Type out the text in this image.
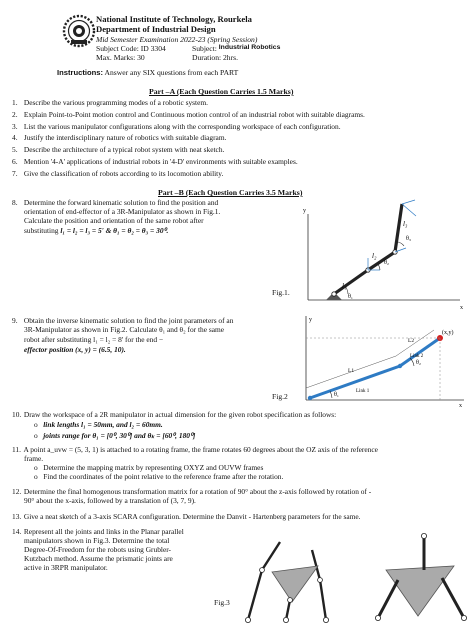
National Institute of Technology, Rourkela
Department of Industrial Design
Mid Semester Examination 2022-23 (Spring Session)
Subject Code: ID 3304	Subject:
Industrial Robotics
Max. Marks: 30	Duration: 2hrs.
Instructions: Answer any SIX questions from each PART
Part –A (Each Question Carries 1.5 Marks)
1. Describe the various programming modes of a robotic system.
2. Explain Point-to-Point motion control and Continuous motion control of an industrial robot with suitable diagrams.
3. List the various manipulator configurations along with the corresponding workspace of each configuration.
4. Justify the interdisciplinary nature of robotics with suitable diagram.
5. Describe the architecture of a typical robot system with neat sketch.
6. Mention '4-A' applications of industrial robots in '4-D' environments with suitable examples.
7. Give the classification of robots according to its locomotion ability.
Part –B (Each Question Carries 3.5 Marks)
8. Determine the forward kinematic solution to find the position and
orientation of end-effector of a 3R-Manipulator as shown in Fig.1.
Calculate the position and orientation of the same robot after
substituting l₁ = l₂ = l₃ = 5' & θ₁ = θ₂ = θ₃ = 30⁰.
x
y
l₁
l₂
l₃
θ₁
θ₂
θ₃
Fig.1.
9. Obtain the inverse kinematic solution to find the joint parameters of an
3R-Manipulator as shown in Fig.2. Calculate θ₁ and θ₂ for the same
robot after substituting l₁ = l₂ = 8' for the end −
effector position (x, y) = (6.5, 10).
x
y
(x,y)
Link 1
Link 2
L1
L2
θ₁
θ₂
Fig.2
10. Draw the workspace of a 2R manipulator in actual dimension for the given robot specification as follows:
o   link lengths l₁ = 50mm, and l₂ = 60mm.
o   joints range for θ₁ = [0⁰, 30⁰] and θₖ = [60⁰, 180⁰]
11. A point a_uvw = (5, 3, 1) is attached to a rotating frame, the frame rotates 60 degrees about the OZ axis of the reference
frame.
o   Determine the mapping matrix by representing OXYZ and OUVW frames
o   Find the coordinates of the point relative to the reference frame after the rotation.
12. Determine the final homogenous transformation matrix for a rotation of 90° about the z-axis followed by rotation of -
90° about the x-axis, followed by a translation of (3, 7, 9).
13. Give a neat sketch of a 3-axis SCARA configuration. Determine the Danvit - Hartenberg parameters for the same.
14. Represent all the joints and links in the Planar parallel
manipulators shown in Fig.3. Determine the total
Degree-Of-Freedom for the robots using Grubler-
Kutzbach method. Assume the prismatic joints are
active in 3RPR manipulator.
Fig.3
